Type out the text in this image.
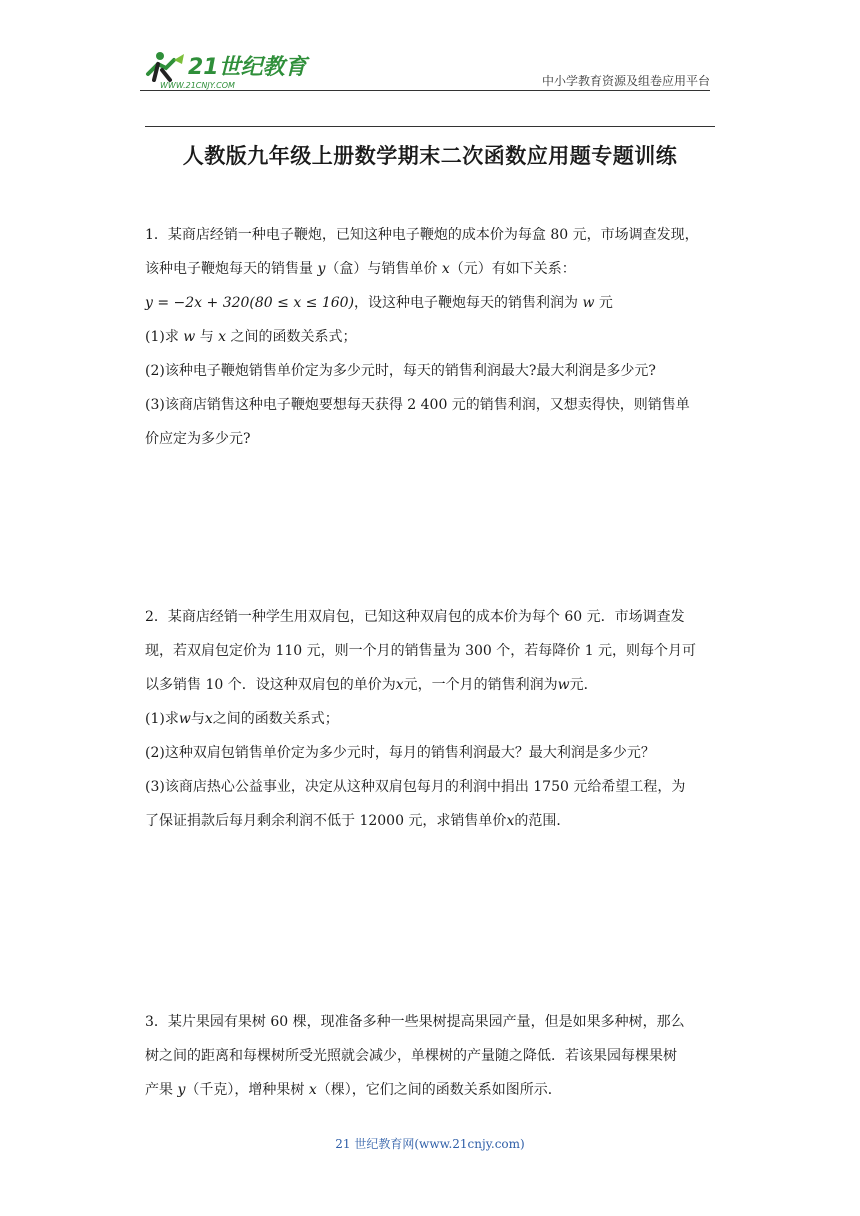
21世纪教育
WWW.21CNJY.COM	中小学教育资源及组卷应用平台
人教版九年级上册数学期末二次函数应用题专题训练

1．某商店经销一种电子鞭炮，已知这种电子鞭炮的成本价为每盒 80 元，市场调查发现，

该种电子鞭炮每天的销售量 y（盒）与销售单价 x（元）有如下关系：

y = −2x + 320(80 ≤ x ≤ 160)，设这种电子鞭炮每天的销售利润为 w 元

(1)求 w 与 x 之间的函数关系式；

(2)该种电子鞭炮销售单价定为多少元时，每天的销售利润最大?最大利润是多少元?

(3)该商店销售这种电子鞭炮要想每天获得 2 400 元的销售利润，又想卖得快，则销售单

价应定为多少元?

2．某商店经销一种学生用双肩包，已知这种双肩包的成本价为每个 60 元．市场调查发

现，若双肩包定价为 110 元，则一个月的销售量为 300 个，若每降价 1 元，则每个月可

以多销售 10 个．设这种双肩包的单价为x元，一个月的销售利润为w元．

(1)求w与x之间的函数关系式；

(2)这种双肩包销售单价定为多少元时，每月的销售利润最大？最大利润是多少元？

(3)该商店热心公益事业，决定从这种双肩包每月的利润中捐出 1750 元给希望工程，为

了保证捐款后每月剩余利润不低于 12000 元，求销售单价x的范围．

3．某片果园有果树 60 棵，现准备多种一些果树提高果园产量，但是如果多种树，那么

树之间的距离和每棵树所受光照就会减少，单棵树的产量随之降低．若该果园每棵果树

产果 y（千克），增种果树 x（棵），它们之间的函数关系如图所示．

21 世纪教育网(www.21cnjy.com)
